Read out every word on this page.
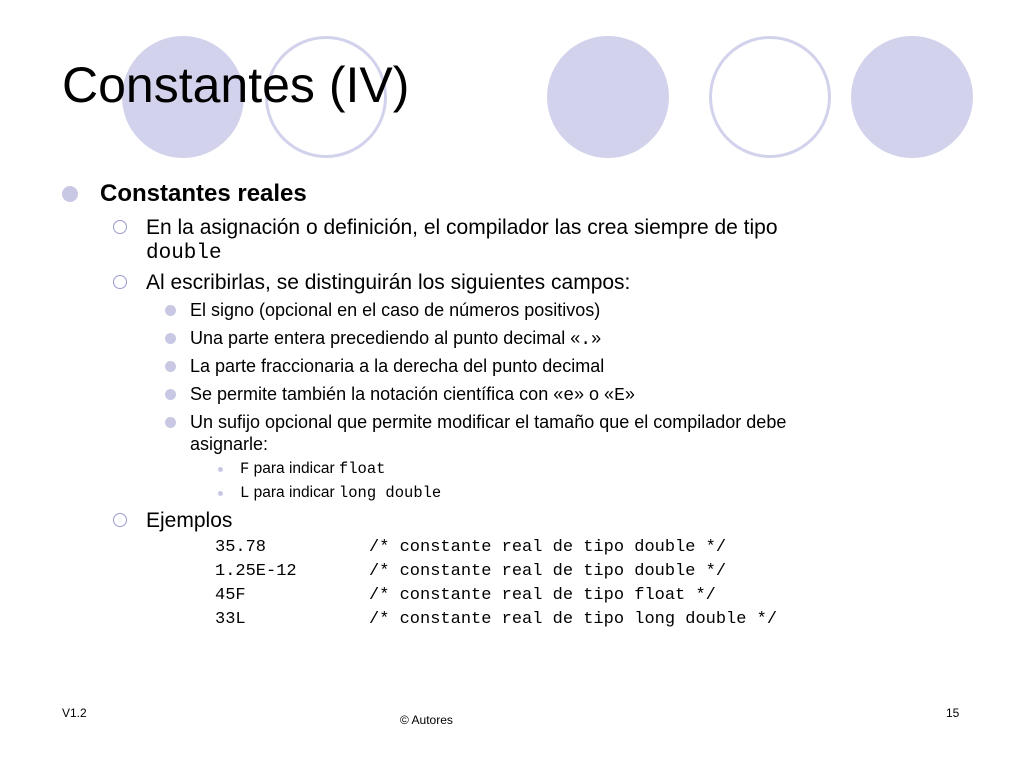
Constantes (IV)
Constantes reales
En la asignación o definición, el compilador las crea siempre de tipo
double
Al escribirlas, se distinguirán los siguientes campos:
El signo (opcional en el caso de números positivos)
Una parte entera precediendo al punto decimal «.»
La parte fraccionaria a la derecha del punto decimal
Se permite también la notación científica con «e» o «E»
Un sufijo opcional que permite modificar el tamaño que el compilador debe
asignarle:
F para indicar float
L para indicar long double
Ejemplos
35.78	/* constante real de tipo double */
1.25E-12	/* constante real de tipo double */
45F	/* constante real de tipo float */
33L	/* constante real de tipo long double */
V1.2	© Autores	15
